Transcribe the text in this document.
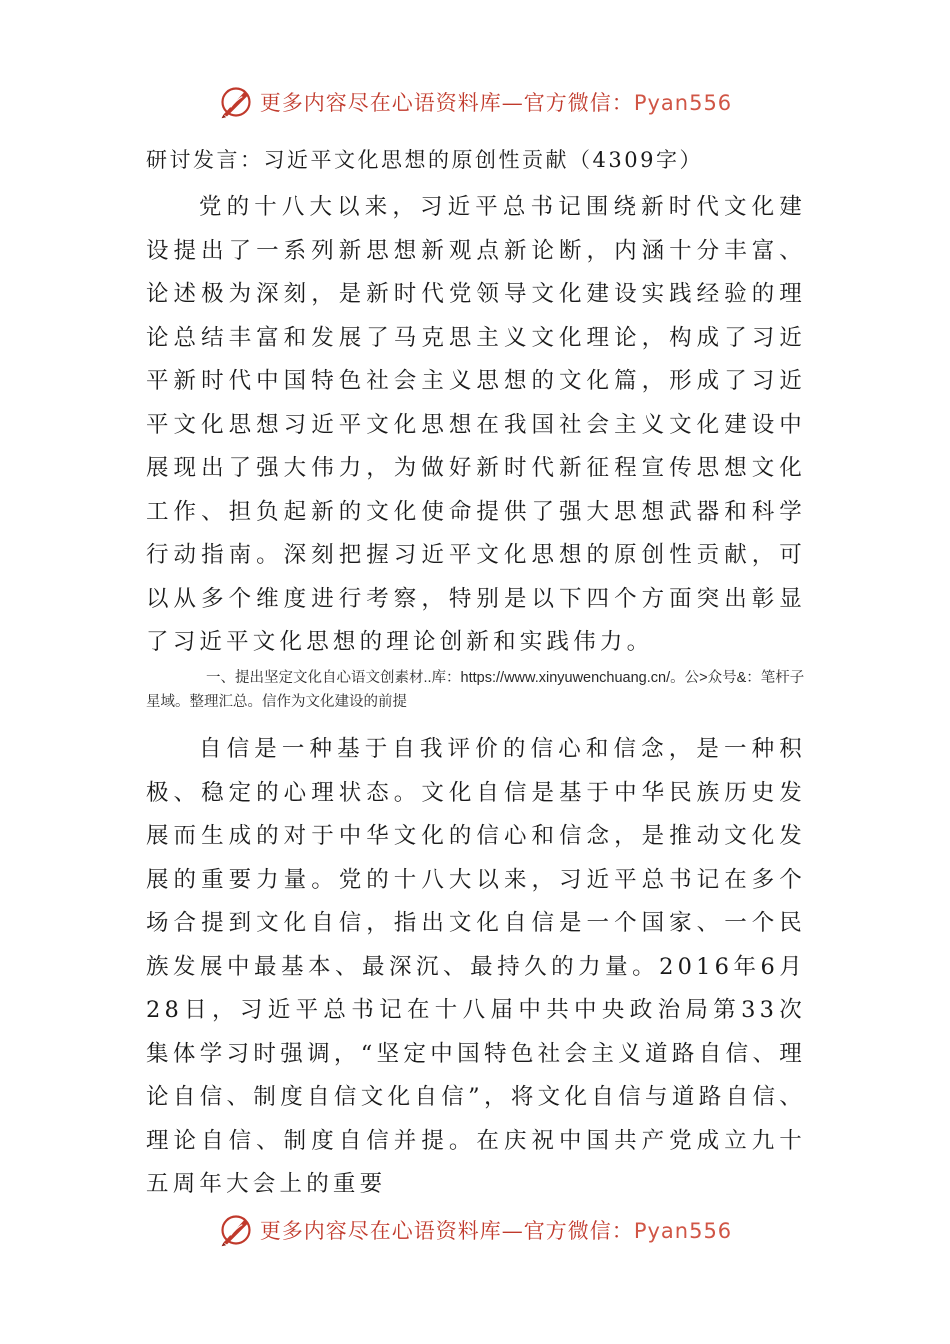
更多内容尽在心语资料库—官方微信：Pyan556
研讨发言：习近平文化思想的原创性贡献（4309字）

党的十八大以来，习近平总书记围绕新时代文化建设提出了一系列新思想新观点新论断，内涵十分丰富、论述极为深刻，是新时代党领导文化建设实践经验的理论总结丰富和发展了马克思主义文化理论，构成了习近平新时代中国特色社会主义思想的文化篇，形成了习近平文化思想习近平文化思想在我国社会主义文化建设中展现出了强大伟力，为做好新时代新征程宣传思想文化工作、担负起新的文化使命提供了强大思想武器和科学行动指南。深刻把握习近平文化思想的原创性贡献，可以从多个维度进行考察，特别是以下四个方面突出彰显了习近平文化思想的理论创新和实践伟力。

一、提出坚定文化自心语文创素材..库：https://www.xinyuwenchuang.cn/。公>众号&：笔杆子星域。整理汇总。信作为文化建设的前提

自信是一种基于自我评价的信心和信念，是一种积极、稳定的心理状态。文化自信是基于中华民族历史发展而生成的对于中华文化的信心和信念，是推动文化发展的重要力量。党的十八大以来，习近平总书记在多个场合提到文化自信，指出文化自信是一个国家、一个民族发展中最基本、最深沉、最持久的力量。2016年6月28日，习近平总书记在十八届中共中央政治局第33次集体学习时强调，“坚定中国特色社会主义道路自信、理论自信、制度自信文化自信”，将文化自信与道路自信、理论自信、制度自信并提。在庆祝中国共产党成立九十五周年大会上的重要

更多内容尽在心语资料库—官方微信：Pyan556
